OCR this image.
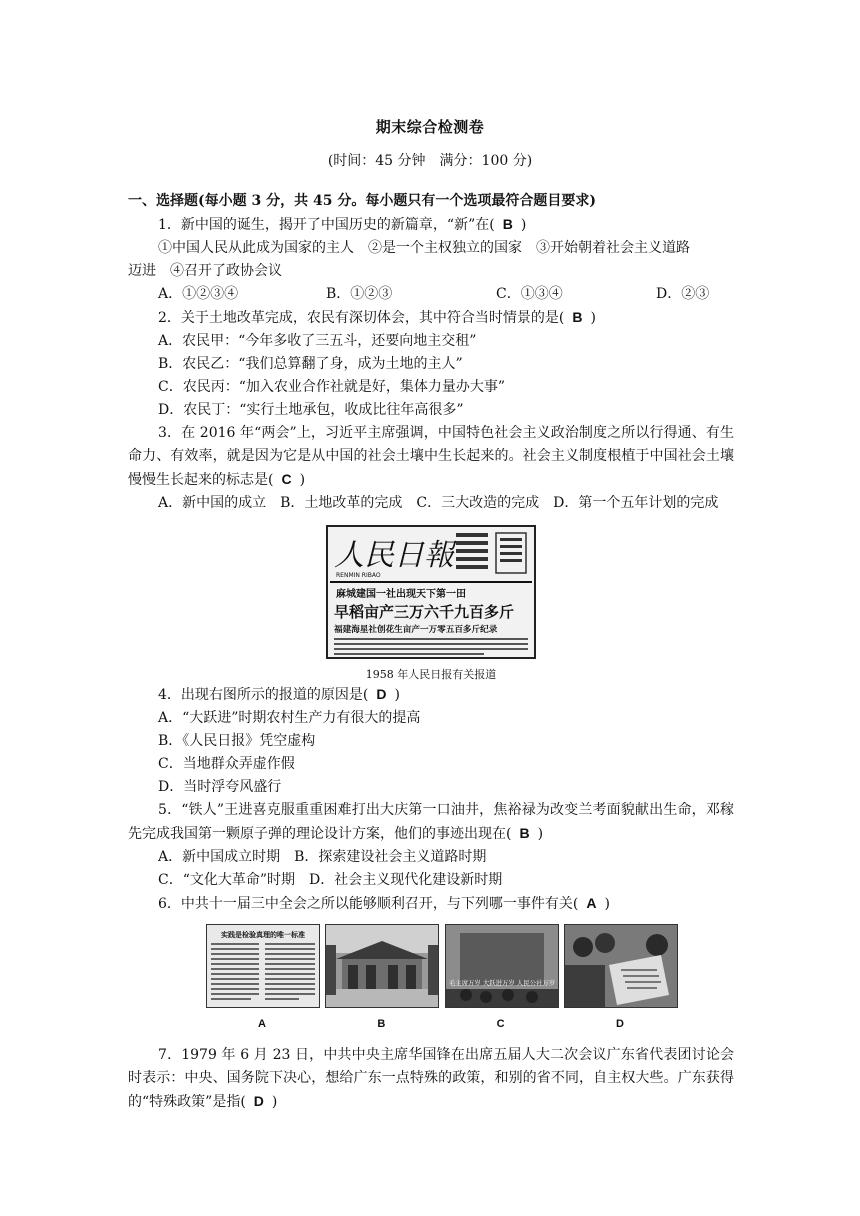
期末综合检测卷
(时间：45 分钟　满分：100 分)
一、选择题(每小题 3 分，共 45 分。每小题只有一个选项最符合题目要求)
1．新中国的诞生，揭开了中国历史的新篇章，“新”在( B )
①中国人民从此成为国家的主人　②是一个主权独立的国家　③开始朝着社会主义道路
迈进　④召开了政协会议
A．①②③④	B．①②③	C．①③④	D．②③
2．关于土地改革完成，农民有深切体会，其中符合当时情景的是( B )
A．农民甲：“今年多收了三五斗，还要向地主交租”
B．农民乙：“我们总算翻了身，成为土地的主人”
C．农民丙：“加入农业合作社就是好，集体力量办大事”
D．农民丁：“实行土地承包，收成比往年高很多”
3．在 2016 年“两会”上，习近平主席强调，中国特色社会主义政治制度之所以行得通、有生命力、有效率，就是因为它是从中国的社会土壤中生长起来的。社会主义制度根植于中国社会土壤慢慢生长起来的标志是( C )
A．新中国的成立　B．土地改革的完成　C．三大改造的完成　D．第一个五年计划的完成
人民日報
RENMIN RIBAO
麻城建国一社出现天下第一田
早稻亩产三万六千九百多斤
福建海星社创花生亩产一万零五百多斤纪录
1958 年人民日报有关报道
4．出现右图所示的报道的原因是( D )
A．“大跃进”时期农村生产力有很大的提高
B．《人民日报》凭空虚构
C．当地群众弄虚作假
D．当时浮夸风盛行
5．“铁人”王进喜克服重重困难打出大庆第一口油井，焦裕禄为改变兰考面貌献出生命，邓稼先完成我国第一颗原子弹的理论设计方案，他们的事迹出现在( B )
A．新中国成立时期　B．探索建设社会主义道路时期
C．“文化大革命”时期　D．社会主义现代化建设新时期
6．中共十一届三中全会之所以能够顺利召开，与下列哪一事件有关( A )
实践是检验真理的唯一标准
A	B
毛主席万岁 大跃进万岁 人民公社万岁
C	D
7．1979 年 6 月 23 日，中共中央主席华国锋在出席五届人大二次会议广东省代表团讨论会时表示：中央、国务院下决心，想给广东一点特殊的政策，和别的省不同，自主权大些。广东获得的“特殊政策”是指( D )
